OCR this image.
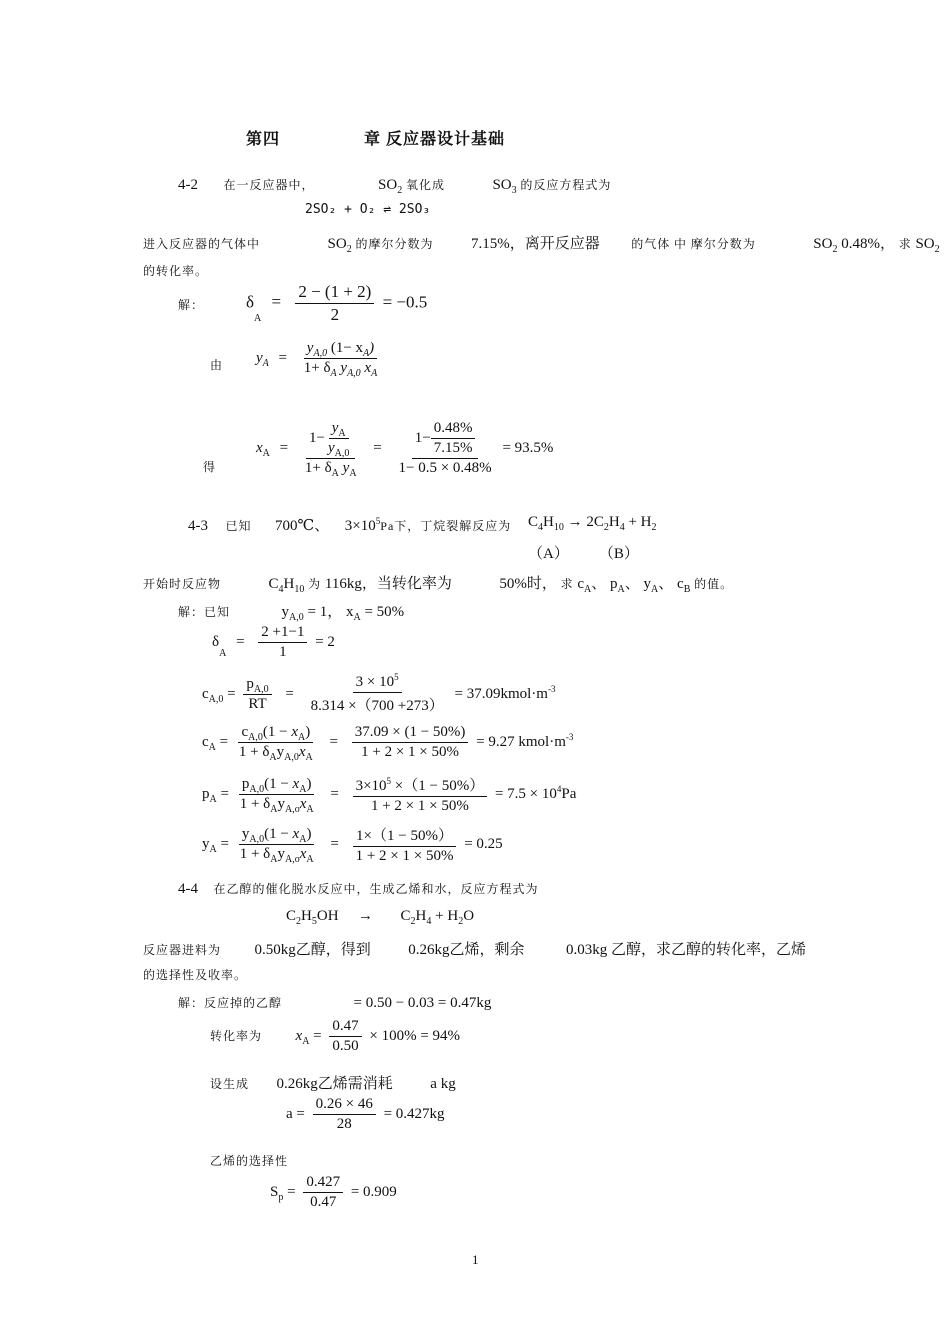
第四	章 反应器设计基础
4-2 在一反应器中，	$SO_2$ 氧化成	$SO_3$ 的反应方程式为
2SO₂ + O₂ ⇌ 2SO₃
进入反应器的气体中	$SO_2$ 的摩尔分数为	7.15%，离开反应器	的气体 中 摩尔分数为	$SO_2$ 0.48%， 求 $SO_2$
的转化率。
解： $\delta_A = \frac{2 - (1 + 2)}{2} = -0.5$
由 $y_A = \frac{y_{A,0} (1- x_A)}{1+ \delta_A y_{A,0} x_A}$
得
$x_A = \frac{1- \frac{y_A}{y_{A,0}}}{1+ \delta_A y_A} = \frac{1- \frac{0.48\%}{7.15\%}}{1- 0.5 \times 0.48\%} = 93.5\%$
4-3 已知 700℃、 $3\times 10^5Pa$下，丁烷裂解反应为 $C_4H_{10} \to 2C_2H_4 + H_2$
（A） （B）
开始时反应物	$C_4H_{10}$ 为 116kg，当转化率为	50%时， 求 $c_A$、 $p_A$、 $y_A$、 $c_B$ 的值。
解：已知	$y_{A,0} = 1$， $x_A = 50\%$
$\delta_A = \frac{2 +1-1}{1} = 2$
$c_{A,0} = \frac{p_{A,0}}{RT} = \frac{3 \times 10^5}{8.314 \times(700 +273)}$ = $37.09kmol\cdot m^{-3}$
$c_A = \frac{c_{A,0}(1 - x_A)}{1 + \delta_Ay_{A,0}x_A} = \frac{37.09 \times (1 - 50\%)}{1 + 2 \times 1 \times 50\%} = 9.27$ $kmol\cdot m^{-3}$
$p_A = \frac{p_{A,0}(1 - x_A)}{1 + \delta_Ay_{A,o}x_A} = \frac{3\times 10^5 \times(1 - 50\%)}{1 + 2 \times 1 \times 50\%} = 7.5 \times 10^4Pa$
$y_A = \frac{y_{A,0}(1 - x_A)}{1 + \delta_Ay_{A,o}x_A} = \frac{1\times(1 - 50\%)}{1 + 2 \times 1 \times 50\%} = 0.25$
4-4 在乙醇的催化脱水反应中，生成乙烯和水，反应方程式为
$C_2H_5OH \to C_2H_4 + H_2O$
反应器进料为 0.50kg乙醇，得到	0.26kg乙烯，剩余	0.03kg 乙醇，求乙醇的转化率，乙烯
的选择性及收率。
解：反应掉的乙醇	= 0.50 − 0.03 = 0.47kg
转化率为 $x_A = \frac{0.47}{0.50} \times 100\% = 94\%$
设生成 0.26kg乙烯需消耗	a kg
$a = \frac{0.26 \times 46}{28} = 0.427kg$
乙烯的选择性
$S_p = \frac{0.427}{0.47} = 0.909$
1
